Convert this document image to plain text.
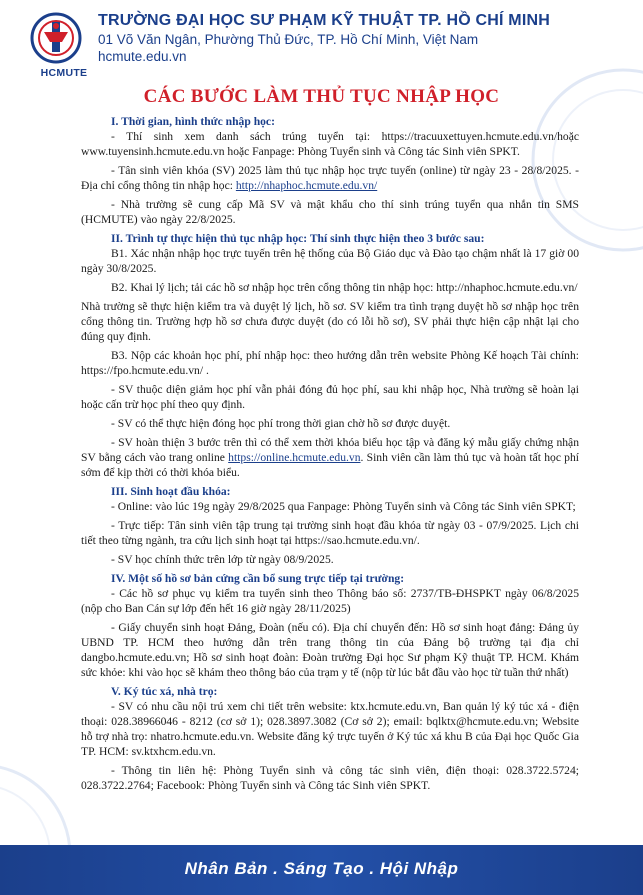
HCMUTE
TRƯỜNG ĐẠI HỌC SƯ PHẠM KỸ THUẬT TP. HỒ CHÍ MINH
01 Võ Văn Ngân, Phường Thủ Đức, TP. Hồ Chí Minh, Việt Nam
hcmute.edu.vn
CÁC BƯỚC LÀM THỦ TỤC NHẬP HỌC

I. Thời gian, hình thức nhập học:

- Thí sinh xem danh sách trúng tuyển tại: https://tracuuxettuyen.hcmute.edu.vn/hoặc www.tuyensinh.hcmute.edu.vn hoặc Fanpage: Phòng Tuyển sinh và Công tác Sinh viên SPKT.

- Tân sinh viên khóa (SV) 2025 làm thủ tục nhập học trực tuyến (online) từ ngày 23 - 28/8/2025. - Địa chỉ cổng thông tin nhập học: http://nhaphoc.hcmute.edu.vn/

- Nhà trường sẽ cung cấp Mã SV và mật khẩu cho thí sinh trúng tuyển qua nhắn tin SMS (HCMUTE) vào ngày 22/8/2025.

II. Trình tự thực hiện thủ tục nhập học: Thí sinh thực hiện theo 3 bước sau:

B1. Xác nhận nhập học trực tuyến trên hệ thống của Bộ Giáo dục và Đào tạo chậm nhất là 17 giờ 00 ngày 30/8/2025.

B2. Khai lý lịch; tải các hồ sơ nhập học trên cổng thông tin nhập học: http://nhaphoc.hcmute.edu.vn/

Nhà trường sẽ thực hiện kiểm tra và duyệt lý lịch, hồ sơ. SV kiểm tra tình trạng duyệt hồ sơ nhập học trên cổng thông tin. Trường hợp hồ sơ chưa được duyệt (do có lỗi hồ sơ), SV phải thực hiện cập nhật lại cho đúng quy định.

B3. Nộp các khoản học phí, phí nhập học: theo hướng dẫn trên website Phòng Kế hoạch Tài chính: https://fpo.hcmute.edu.vn/ .

- SV thuộc diện giảm học phí vẫn phải đóng đủ học phí, sau khi nhập học, Nhà trường sẽ hoàn lại hoặc cấn trừ học phí theo quy định.

- SV có thể thực hiện đóng học phí trong thời gian chờ hồ sơ được duyệt.

- SV hoàn thiện 3 bước trên thì có thể xem thời khóa biểu học tập và đăng ký mẫu giấy chứng nhận SV bằng cách vào trang online https://online.hcmute.edu.vn. Sinh viên cần làm thủ tục và hoàn tất học phí sớm để kịp thời có thời khóa biểu.

III. Sinh hoạt đầu khóa:

- Online: vào lúc 19g ngày 29/8/2025 qua Fanpage: Phòng Tuyển sinh và Công tác Sinh viên SPKT;

- Trực tiếp: Tân sinh viên tập trung tại trường sinh hoạt đầu khóa từ ngày 03 - 07/9/2025. Lịch chi tiết theo từng ngành, tra cứu lịch sinh hoạt tại https://sao.hcmute.edu.vn/.

- SV học chính thức trên lớp từ ngày 08/9/2025.

IV. Một số hồ sơ bản cứng cần bổ sung trực tiếp tại trường:

- Các hồ sơ phục vụ kiểm tra tuyển sinh theo Thông báo số: 2737/TB-ĐHSPKT ngày 06/8/2025 (nộp cho Ban Cán sự lớp đến hết 16 giờ ngày 28/11/2025)

- Giấy chuyển sinh hoạt Đảng, Đoàn (nếu có). Địa chỉ chuyển đến: Hồ sơ sinh hoạt đảng: Đảng ủy UBND TP. HCM theo hướng dẫn trên trang thông tin của Đảng bộ trường tại địa chỉ dangbo.hcmute.edu.vn; Hồ sơ sinh hoạt đoàn: Đoàn trường Đại học Sư phạm Kỹ thuật TP. HCM. Khám sức khỏe: khi vào học sẽ khám theo thông báo của trạm y tế (nộp từ lúc bắt đầu vào học từ tuần thứ nhất)

V. Ký túc xá, nhà trọ:

- SV có nhu cầu nội trú xem chi tiết trên website: ktx.hcmute.edu.vn, Ban quản lý ký túc xá - điện thoại: 028.38966046 - 8212 (cơ sở 1); 028.3897.3082 (Cơ sở 2); email: bqlktx@hcmute.edu.vn; Website hỗ trợ nhà trọ: nhatro.hcmute.edu.vn. Website đăng ký trực tuyến ở Ký túc xá khu B của Đại học Quốc Gia TP. HCM: sv.ktxhcm.edu.vn.

- Thông tin liên hệ: Phòng Tuyển sinh và công tác sinh viên, điện thoại: 028.3722.5724; 028.3722.2764; Facebook: Phòng Tuyển sinh và Công tác Sinh viên SPKT.

Nhân Bản . Sáng Tạo . Hội Nhập
